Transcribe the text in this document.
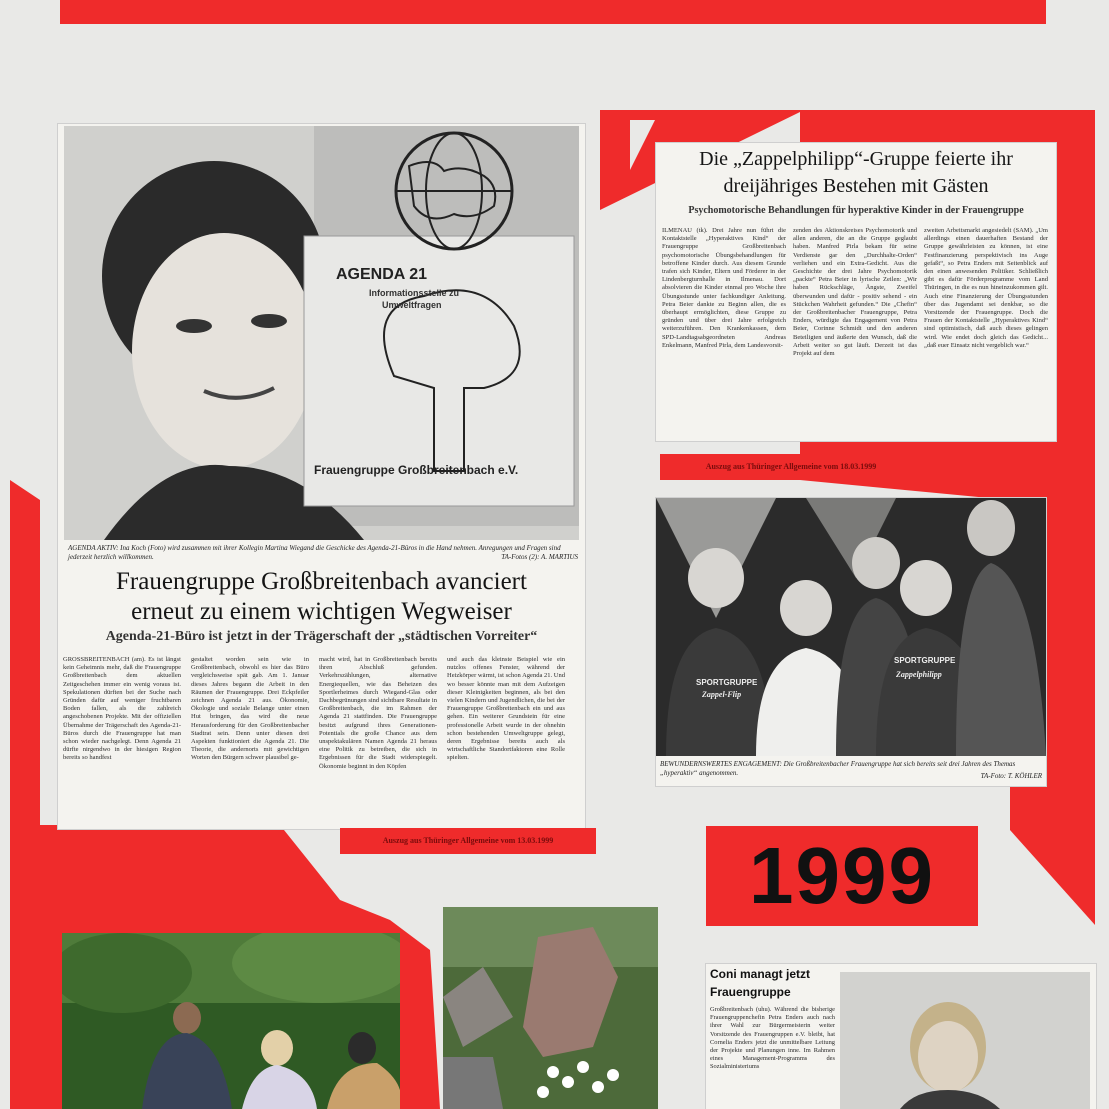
AGENDA 21
Informationsstelle zu
Umweltfragen
Frauengruppe Großbreitenbach e.V.
AGENDA AKTIV: Ina Koch (Foto) wird zusammen mit ihrer Kollegin Martina Wiegand die Geschicke des Agenda-21-Büros in die Hand nehmen. Anregungen und Fragen sind jederzeit herzlich willkommen.	TA-Fotos (2): A. MARTIUS
Frauengruppe Großbreitenbach avanciert
erneut zu einem wichtigen Wegweiser
Agenda-21-Büro ist jetzt in der Trägerschaft der „städtischen Vorreiter“
GROSSBREITENBACH (am). Es ist längst kein Geheimnis mehr, daß die Frauengruppe Großbreitenbach dem aktuellen Zeitgeschehen immer ein wenig voraus ist. Spekulationen dürften bei der Suche nach Gründen dafür auf weniger fruchtbaren Boden fallen, als die zahlreich angeschobenen Projekte. Mit der offiziellen Übernahme der Trägerschaft des Agenda-21-Büros durch die Frauengruppe hat man schon wieder nachgelegt. Denn Agenda 21 dürfte nirgendwo in der hiesigen Region bereits so handfest
gestaltet worden sein wie in Großbreitenbach, obwohl es hier das Büro vergleichsweise spät gab. Am 1. Januar dieses Jahres begann die Arbeit in den Räumen der Frauengruppe. Drei Eckpfeiler zeichnen Agenda 21 aus. Ökonomie, Ökologie und soziale Belange unter einen Hut bringen, das wird die neue Herausforderung für den Großbreitenbacher Stadtrat sein. Denn unter diesen drei Aspekten funktioniert die Agenda 21. Die Theorie, die andernorts mit gewichtigen Worten den Bürgern schwer plausibel ge-
macht wird, hat in Großbreitenbach bereits ihren Abschluß gefunden. Verkehrszählungen, alternative Energiequellen, wie das Beheizen des Sportlerheimes durch Wiegand-Glas oder Dachbegrünungen sind sichtbare Resultate in Großbreitenbach, die im Rahmen der Agenda 21 stattfinden. Die Frauengruppe besitzt aufgrund ihres Generationen-Potentials die große Chance aus dem unspektakulären Namen Agenda 21 heraus eine Politik zu betreiben, die sich in Ergebnissen für die Stadt widerspiegelt. Ökonomie beginnt in den Köpfen
und auch das kleinste Beispiel wie ein nutzlos offenes Fenster, während der Heizkörper wärmt, ist schon Agenda 21. Und wo besser könnte man mit dem Aufzeigen dieser Kleinigkeiten beginnen, als bei den vielen Kindern und Jugendlichen, die bei der Frauengruppe Großbreitenbach ein und aus gehen. Ein weiterer Grundstein für eine professionelle Arbeit wurde in der ohnehin schon bestehenden Umweltgruppe gelegt, deren Ergebnisse bereits auch als wirtschaftliche Standortfaktoren eine Rolle spielten.
Auszug aus Thüringer Allgemeine vom 13.03.1999
Die „Zappelphilipp“-Gruppe feierte ihr
dreijähriges Bestehen mit Gästen
Psychomotorische Behandlungen für hyperaktive Kinder in der Frauengruppe
ILMENAU (tk). Drei Jahre nun führt die Kontaktstelle „Hyperaktives Kind“ der Frauengruppe Großbreitenbach psychomotorische Übungsbehandlungen für betroffene Kinder durch. Aus diesem Grunde trafen sich Kinder, Eltern und Förderer in der Lindenbergturnhalle in Ilmenau. Dort absolvieren die Kinder einmal pro Woche ihre Übungsstunde unter fachkundiger Anleitung. Petra Beier dankte zu Beginn allen, die es überhaupt ermöglichten, diese Gruppe zu gründen und über drei Jahre erfolgreich weiterzuführen. Den Krankenkassen, dem SPD-Landtagsabgeordneten Andreas Enkelmann, Manfred Pirla, dem Landesvorsit-
zenden des Aktionskreises Psychomotorik und allen anderen, die an die Gruppe geglaubt haben. Manfred Pirla bekam für seine Verdienste gar den „Durchhalte-Orden“ verliehen und ein Extra-Gedicht. Aus die Geschichte der drei Jahre Psychomotorik „packte“ Petra Beier in lyrische Zeilen: „Wir haben Rückschläge, Ängste, Zweifel überwunden und dafür - positiv sehend - ein Stückchen Wahrheit gefunden.“ Die „Chefin“ der Großbreitenbacher Frauengruppe, Petra Enders, würdigte das Engagement von Petra Beier, Corinne Schmidt und den anderen Beteiligten und äußerte den Wunsch, daß die Arbeit weiter so gut läuft. Derzeit ist das Projekt auf dem
zweiten Arbeitsmarkt angesiedelt (SAM). „Um allerdings einen dauerhaften Bestand der Gruppe gewährleisten zu können, ist eine Festfinanzierung perspektivisch ins Auge gefaßt“, so Petra Enders mit Seitenblick auf den einen anwesenden Politiker. Schließlich gibt es dafür Förderprogramme vom Land Thüringen, in die es nun hineinzukommen gilt. Auch eine Finanzierung der Übungsstunden über das Jugendamt sei denkbar, so die Vorsitzende der Frauengruppe. Doch die Frauen der Kontaktstelle „Hyperaktives Kind“ sind optimistisch, daß auch dieses gelingen wird. Wie endet doch gleich das Gedicht... „daß euer Einsatz nicht vergeblich war.“
Auszug aus Thüringer Allgemeine vom 18.03.1999
SPORTGRUPPE
Zappel-Flip
SPORTGRUPPE
Zappelphilipp
BEWUNDERNSWERTES ENGAGEMENT: Die Großbreitenbacher Frauengruppe hat sich bereits seit drei Jahren des Themas „hyperaktiv“ angenommen.	TA-Foto: T. KÖHLER
1999
Coni managt jetzt
Frauengruppe
Großbreitenbach (uhu). Während die bisherige Frauengruppenchefin Petra Enders auch nach ihrer Wahl zur Bürgermeisterin weiter Vorsitzende des Frauengruppen e.V. bleibt, hat Cornelia Enders jetzt die unmittelbare Leitung der Projekte und Planungen inne. Im Rahmen eines Management-Programms des Sozialministeriums
